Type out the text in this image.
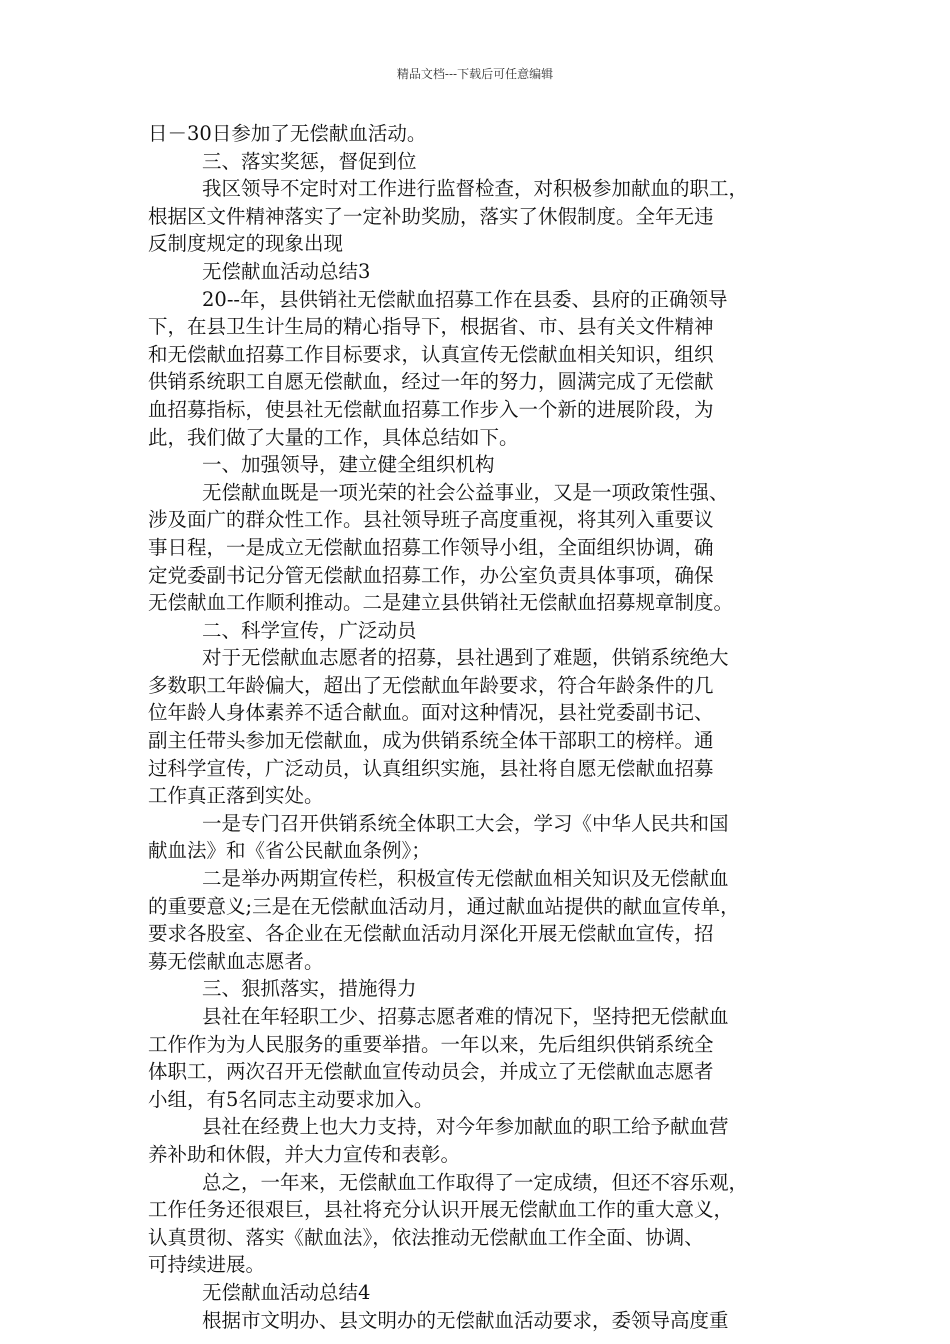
精品文档---下载后可任意编辑
日－30日参加了无偿献血活动。
三、落实奖惩，督促到位
我区领导不定时对工作进行监督检查，对积极参加献血的职工，
根据区文件精神落实了一定补助奖励，落实了休假制度。全年无违
反制度规定的现象出现
无偿献血活动总结3
20--年，县供销社无偿献血招募工作在县委、县府的正确领导
下，在县卫生计生局的精心指导下，根据省、市、县有关文件精神
和无偿献血招募工作目标要求，认真宣传无偿献血相关知识，组织
供销系统职工自愿无偿献血，经过一年的努力，圆满完成了无偿献
血招募指标，使县社无偿献血招募工作步入一个新的进展阶段，为
此，我们做了大量的工作，具体总结如下。
一、加强领导，建立健全组织机构
无偿献血既是一项光荣的社会公益事业，又是一项政策性强、
涉及面广的群众性工作。县社领导班子高度重视，将其列入重要议
事日程，一是成立无偿献血招募工作领导小组，全面组织协调，确
定党委副书记分管无偿献血招募工作，办公室负责具体事项，确保
无偿献血工作顺利推动。二是建立县供销社无偿献血招募规章制度。
二、科学宣传，广泛动员
对于无偿献血志愿者的招募，县社遇到了难题，供销系统绝大
多数职工年龄偏大，超出了无偿献血年龄要求，符合年龄条件的几
位年龄人身体素养不适合献血。面对这种情况，县社党委副书记、
副主任带头参加无偿献血，成为供销系统全体干部职工的榜样。通
过科学宣传，广泛动员，认真组织实施，县社将自愿无偿献血招募
工作真正落到实处。
一是专门召开供销系统全体职工大会，学习《中华人民共和国
献血法》和《省公民献血条例》；
二是举办两期宣传栏，积极宣传无偿献血相关知识及无偿献血
的重要意义;三是在无偿献血活动月，通过献血站提供的献血宣传单，
要求各股室、各企业在无偿献血活动月深化开展无偿献血宣传，招
募无偿献血志愿者。
三、狠抓落实，措施得力
县社在年轻职工少、招募志愿者难的情况下，坚持把无偿献血
工作作为为人民服务的重要举措。一年以来，先后组织供销系统全
体职工，两次召开无偿献血宣传动员会，并成立了无偿献血志愿者
小组，有5名同志主动要求加入。
县社在经费上也大力支持，对今年参加献血的职工给予献血营
养补助和休假，并大力宣传和表彰。
总之，一年来，无偿献血工作取得了一定成绩，但还不容乐观，
工作任务还很艰巨，县社将充分认识开展无偿献血工作的重大意义，
认真贯彻、落实《献血法》，依法推动无偿献血工作全面、协调、
可持续进展。
无偿献血活动总结4
根据市文明办、县文明办的无偿献血活动要求，委领导高度重
